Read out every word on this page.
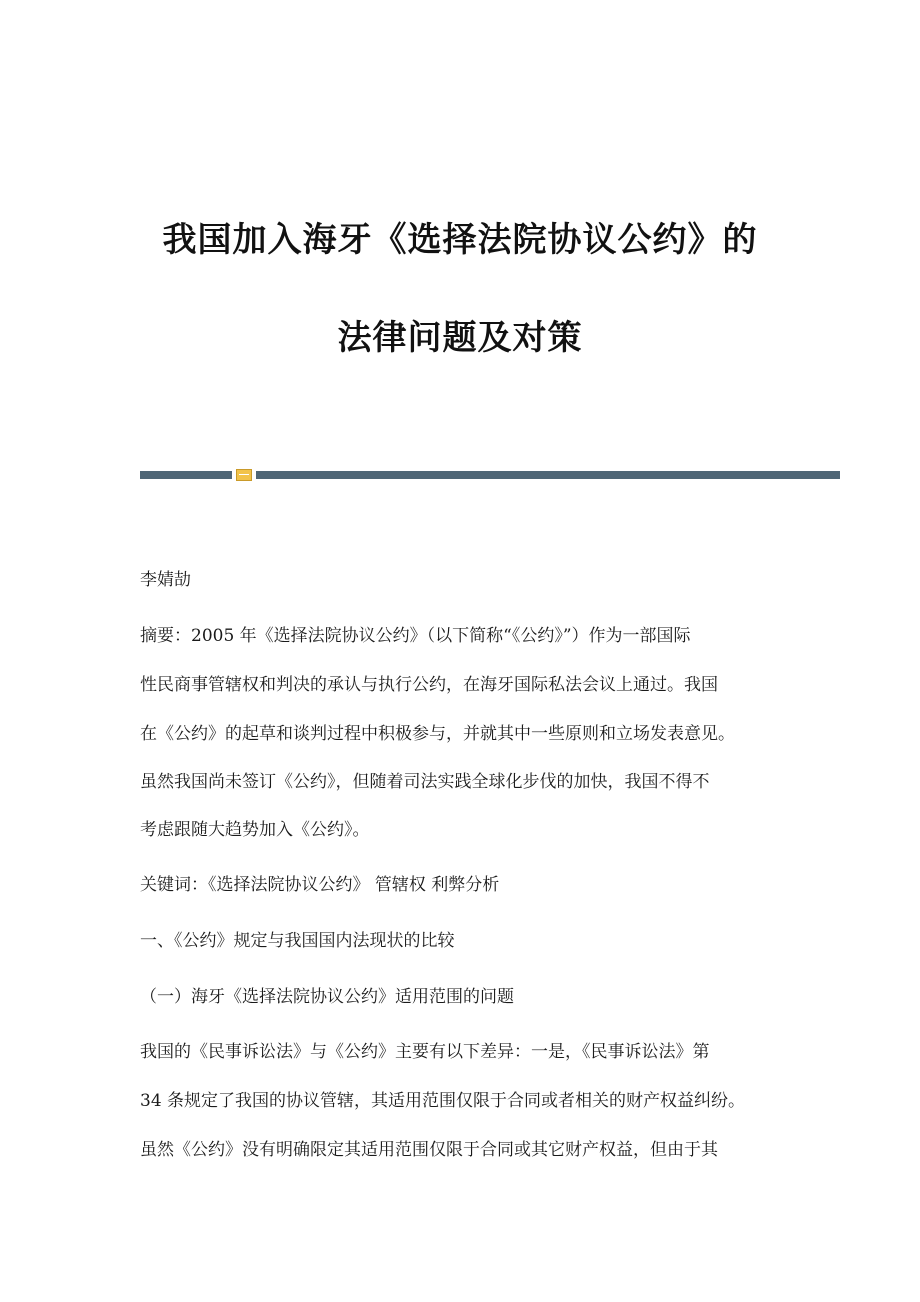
我国加入海牙《选择法院协议公约》的
法律问题及对策
李婧劼
摘要：2005 年《选择法院协议公约》（以下简称“《公约》”）作为一部国际
性民商事管辖权和判决的承认与执行公约，在海牙国际私法会议上通过。我国
在《公约》的起草和谈判过程中积极参与，并就其中一些原则和立场发表意见。
虽然我国尚未签订《公约》，但随着司法实践全球化步伐的加快，我国不得不
考虑跟随大趋势加入《公约》。
关键词：《选择法院协议公约》 管辖权 利弊分析
一、《公约》规定与我国国内法现状的比较
（一）海牙《选择法院协议公约》适用范围的问题
我国的《民事诉讼法》与《公约》主要有以下差异：一是，《民事诉讼法》第
34 条规定了我国的协议管辖，其适用范围仅限于合同或者相关的财产权益纠纷。
虽然《公约》没有明确限定其适用范围仅限于合同或其它财产权益，但由于其
